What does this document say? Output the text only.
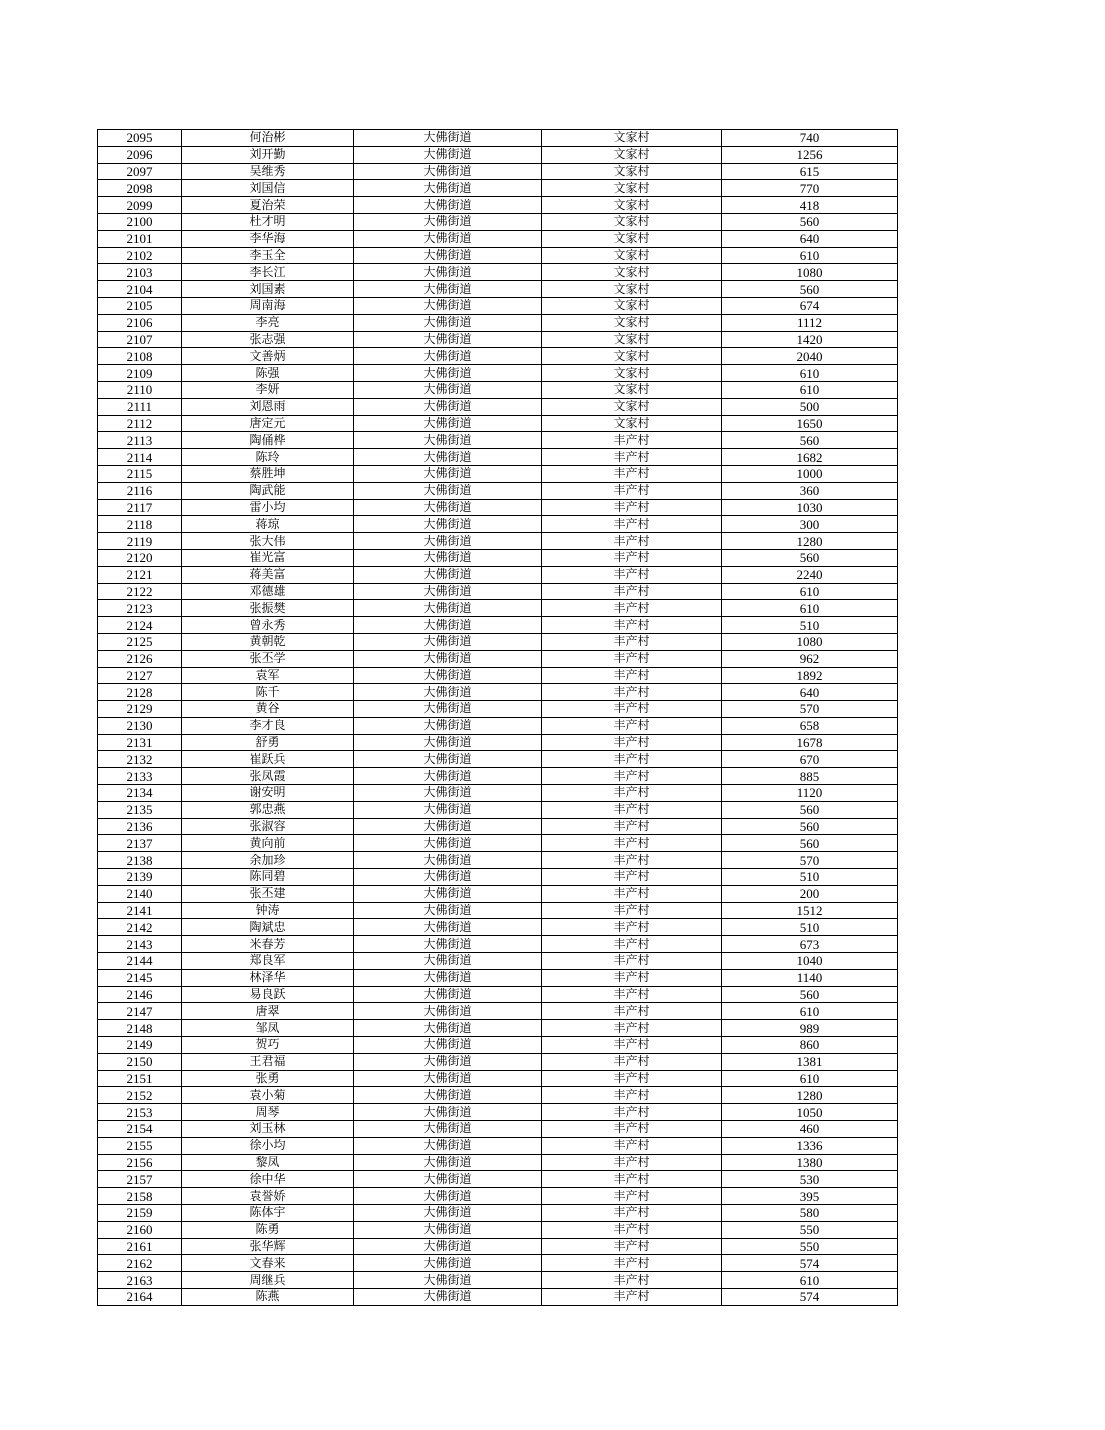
2095	何治彬	大佛街道	文家村	740
2096	刘开勤	大佛街道	文家村	1256
2097	吴维秀	大佛街道	文家村	615
2098	刘国信	大佛街道	文家村	770
2099	夏治荣	大佛街道	文家村	418
2100	杜才明	大佛街道	文家村	560
2101	李华海	大佛街道	文家村	640
2102	李玉全	大佛街道	文家村	610
2103	李长江	大佛街道	文家村	1080
2104	刘国素	大佛街道	文家村	560
2105	周南海	大佛街道	文家村	674
2106	李亮	大佛街道	文家村	1112
2107	张志强	大佛街道	文家村	1420
2108	文善炳	大佛街道	文家村	2040
2109	陈强	大佛街道	文家村	610
2110	李妍	大佛街道	文家村	610
2111	刘恩雨	大佛街道	文家村	500
2112	唐定元	大佛街道	文家村	1650
2113	陶俑桦	大佛街道	丰产村	560
2114	陈玲	大佛街道	丰产村	1682
2115	蔡胜坤	大佛街道	丰产村	1000
2116	陶武能	大佛街道	丰产村	360
2117	雷小均	大佛街道	丰产村	1030
2118	蒋琼	大佛街道	丰产村	300
2119	张大伟	大佛街道	丰产村	1280
2120	崔光富	大佛街道	丰产村	560
2121	蒋美富	大佛街道	丰产村	2240
2122	邓德雄	大佛街道	丰产村	610
2123	张振樊	大佛街道	丰产村	610
2124	曾永秀	大佛街道	丰产村	510
2125	黄朝乾	大佛街道	丰产村	1080
2126	张丕学	大佛街道	丰产村	962
2127	袁军	大佛街道	丰产村	1892
2128	陈千	大佛街道	丰产村	640
2129	黄谷	大佛街道	丰产村	570
2130	李才良	大佛街道	丰产村	658
2131	舒勇	大佛街道	丰产村	1678
2132	崔跃兵	大佛街道	丰产村	670
2133	张凤霞	大佛街道	丰产村	885
2134	谢安明	大佛街道	丰产村	1120
2135	郭忠燕	大佛街道	丰产村	560
2136	张淑容	大佛街道	丰产村	560
2137	黄向前	大佛街道	丰产村	560
2138	余加珍	大佛街道	丰产村	570
2139	陈同碧	大佛街道	丰产村	510
2140	张丕建	大佛街道	丰产村	200
2141	钟涛	大佛街道	丰产村	1512
2142	陶斌忠	大佛街道	丰产村	510
2143	米春芳	大佛街道	丰产村	673
2144	郑良军	大佛街道	丰产村	1040
2145	林泽华	大佛街道	丰产村	1140
2146	易良跃	大佛街道	丰产村	560
2147	唐翠	大佛街道	丰产村	610
2148	邹凤	大佛街道	丰产村	989
2149	贺巧	大佛街道	丰产村	860
2150	王君福	大佛街道	丰产村	1381
2151	张勇	大佛街道	丰产村	610
2152	袁小菊	大佛街道	丰产村	1280
2153	周琴	大佛街道	丰产村	1050
2154	刘玉林	大佛街道	丰产村	460
2155	徐小均	大佛街道	丰产村	1336
2156	黎凤	大佛街道	丰产村	1380
2157	徐中华	大佛街道	丰产村	530
2158	袁誉娇	大佛街道	丰产村	395
2159	陈体宇	大佛街道	丰产村	580
2160	陈勇	大佛街道	丰产村	550
2161	张华辉	大佛街道	丰产村	550
2162	文春来	大佛街道	丰产村	574
2163	周继兵	大佛街道	丰产村	610
2164	陈燕	大佛街道	丰产村	574
